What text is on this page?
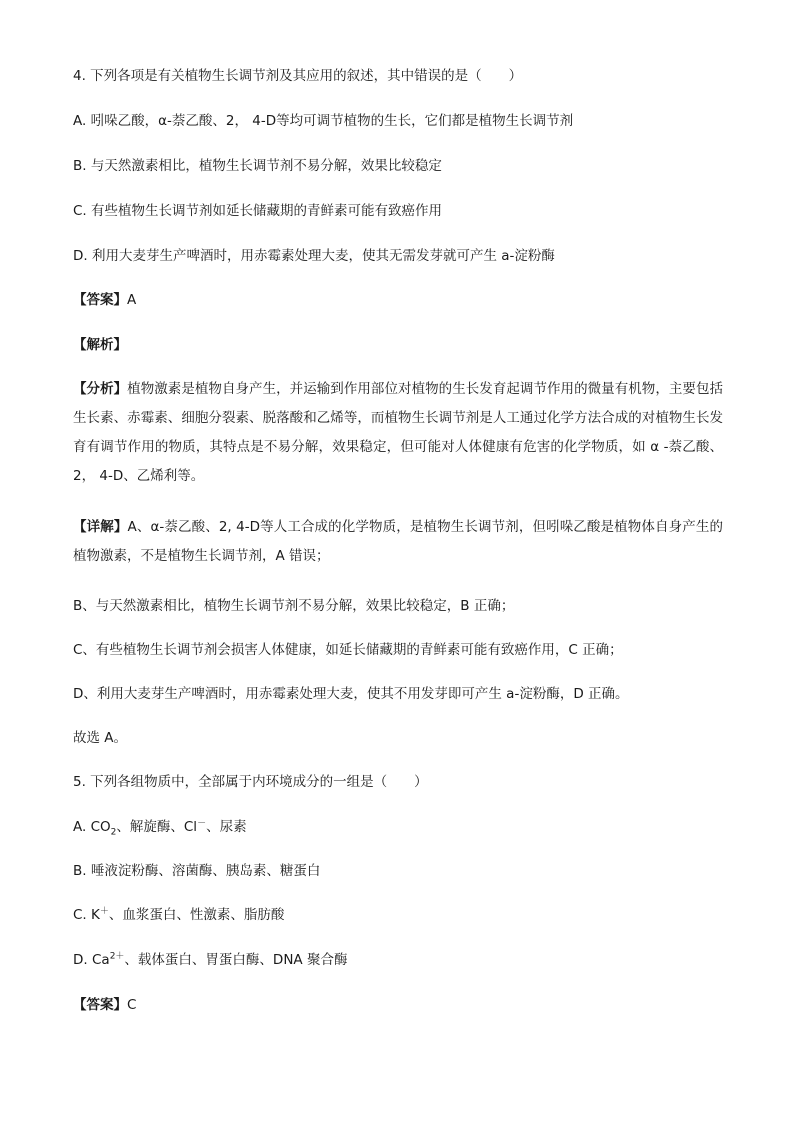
4. 下列各项是有关植物生长调节剂及其应用的叙述，其中错误的是（　　）
A. 吲哚乙酸，α-萘乙酸、2， 4-D等均可调节植物的生长，它们都是植物生长调节剂
B. 与天然激素相比，植物生长调节剂不易分解，效果比较稳定
C. 有些植物生长调节剂如延长储藏期的青鲜素可能有致癌作用
D. 利用大麦芽生产啤酒时，用赤霉素处理大麦，使其无需发芽就可产生 a-淀粉酶
【答案】A
【解析】
【分析】植物激素是植物自身产生，并运输到作用部位对植物的生长发育起调节作用的微量有机物，主要包括生长素、赤霉素、细胞分裂素、脱落酸和乙烯等，而植物生长调节剂是人工通过化学方法合成的对植物生长发育有调节作用的物质，其特点是不易分解，效果稳定，但可能对人体健康有危害的化学物质，如 α -萘乙酸、2， 4-D、乙烯利等。
【详解】A、α-萘乙酸、2, 4-D等人工合成的化学物质，是植物生长调节剂，但吲哚乙酸是植物体自身产生的植物激素，不是植物生长调节剂，A 错误；
B、与天然激素相比，植物生长调节剂不易分解，效果比较稳定，B 正确；
C、有些植物生长调节剂会损害人体健康，如延长储藏期的青鲜素可能有致癌作用，C 正确；
D、利用大麦芽生产啤酒时，用赤霉素处理大麦，使其不用发芽即可产生 a-淀粉酶，D 正确。
故选 A。
5. 下列各组物质中，全部属于内环境成分的一组是（　　）
A. $CO_2$、解旋酶、Cl－、尿素
B. 唾液淀粉酶、溶菌酶、胰岛素、糖蛋白
C. K＋、血浆蛋白、性激素、脂肪酸
D. $Ca^{2+}$、载体蛋白、胃蛋白酶、DNA 聚合酶
【答案】C
